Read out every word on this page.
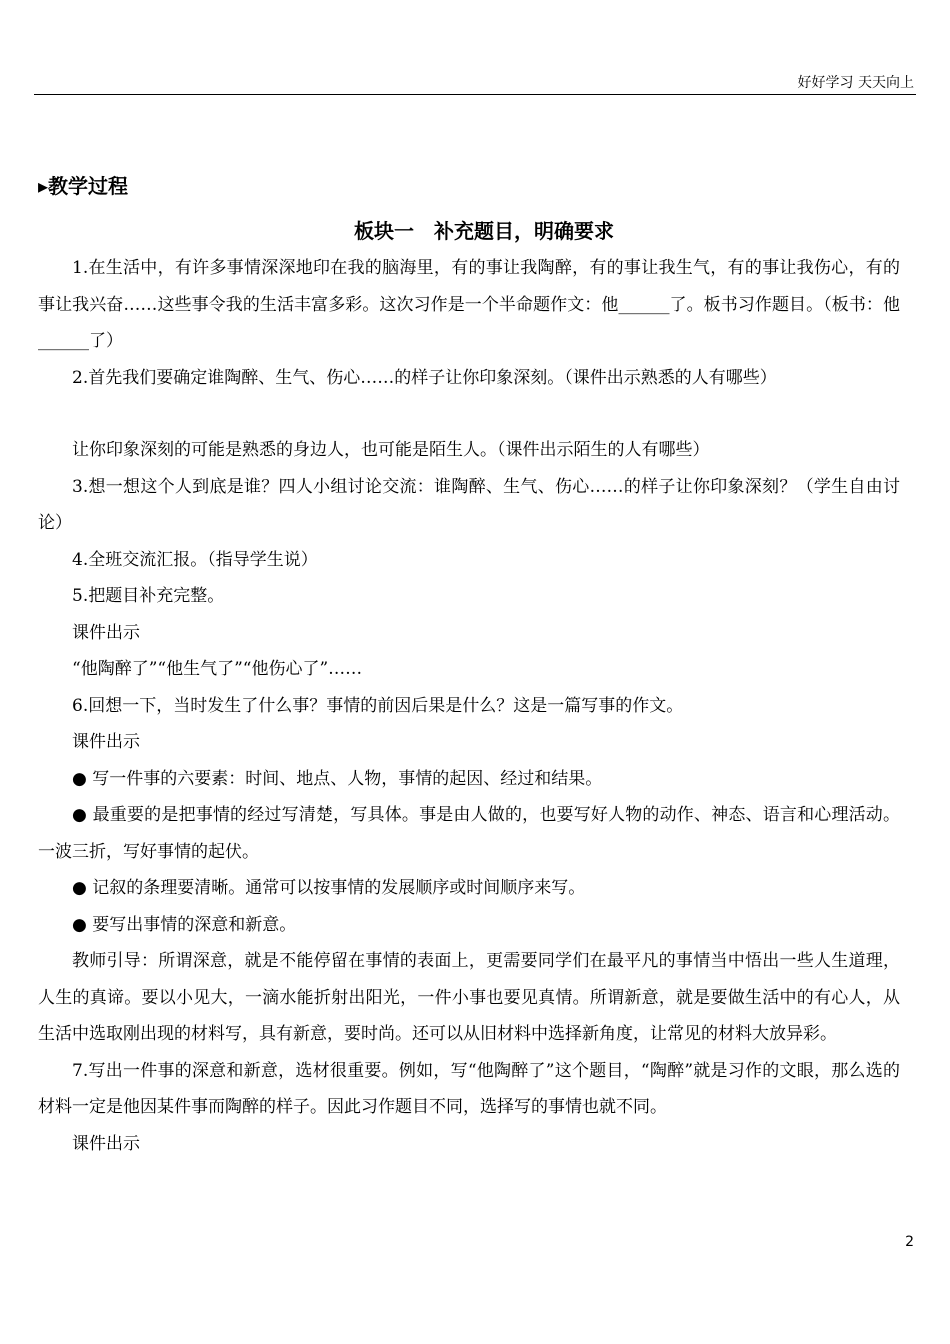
好好学习 天天向上
▸教学过程
板块一　补充题目，明确要求

1.在生活中，有许多事情深深地印在我的脑海里，有的事让我陶醉，有的事让我生气，有的事让我伤心，有的事让我兴奋……这些事令我的生活丰富多彩。这次习作是一个半命题作文：他______了。板书习作题目。（板书：他______了）

2.首先我们要确定谁陶醉、生气、伤心……的样子让你印象深刻。（课件出示熟悉的人有哪些）

让你印象深刻的可能是熟悉的身边人，也可能是陌生人。（课件出示陌生的人有哪些）

3.想一想这个人到底是谁？四人小组讨论交流：谁陶醉、生气、伤心……的样子让你印象深刻？（学生自由讨论）

4.全班交流汇报。（指导学生说）

5.把题目补充完整。

课件出示

“他陶醉了”“他生气了”“他伤心了”……

6.回想一下，当时发生了什么事？事情的前因后果是什么？这是一篇写事的作文。

课件出示

● 写一件事的六要素：时间、地点、人物，事情的起因、经过和结果。

● 最重要的是把事情的经过写清楚，写具体。事是由人做的，也要写好人物的动作、神态、语言和心理活动。一波三折，写好事情的起伏。

● 记叙的条理要清晰。通常可以按事情的发展顺序或时间顺序来写。

● 要写出事情的深意和新意。

教师引导：所谓深意，就是不能停留在事情的表面上，更需要同学们在最平凡的事情当中悟出一些人生道理，人生的真谛。要以小见大，一滴水能折射出阳光，一件小事也要见真情。所谓新意，就是要做生活中的有心人，从生活中选取刚出现的材料写，具有新意，要时尚。还可以从旧材料中选择新角度，让常见的材料大放异彩。

7.写出一件事的深意和新意，选材很重要。例如，写“他陶醉了”这个题目，“陶醉”就是习作的文眼，那么选的材料一定是他因某件事而陶醉的样子。因此习作题目不同，选择写的事情也就不同。

课件出示

2
